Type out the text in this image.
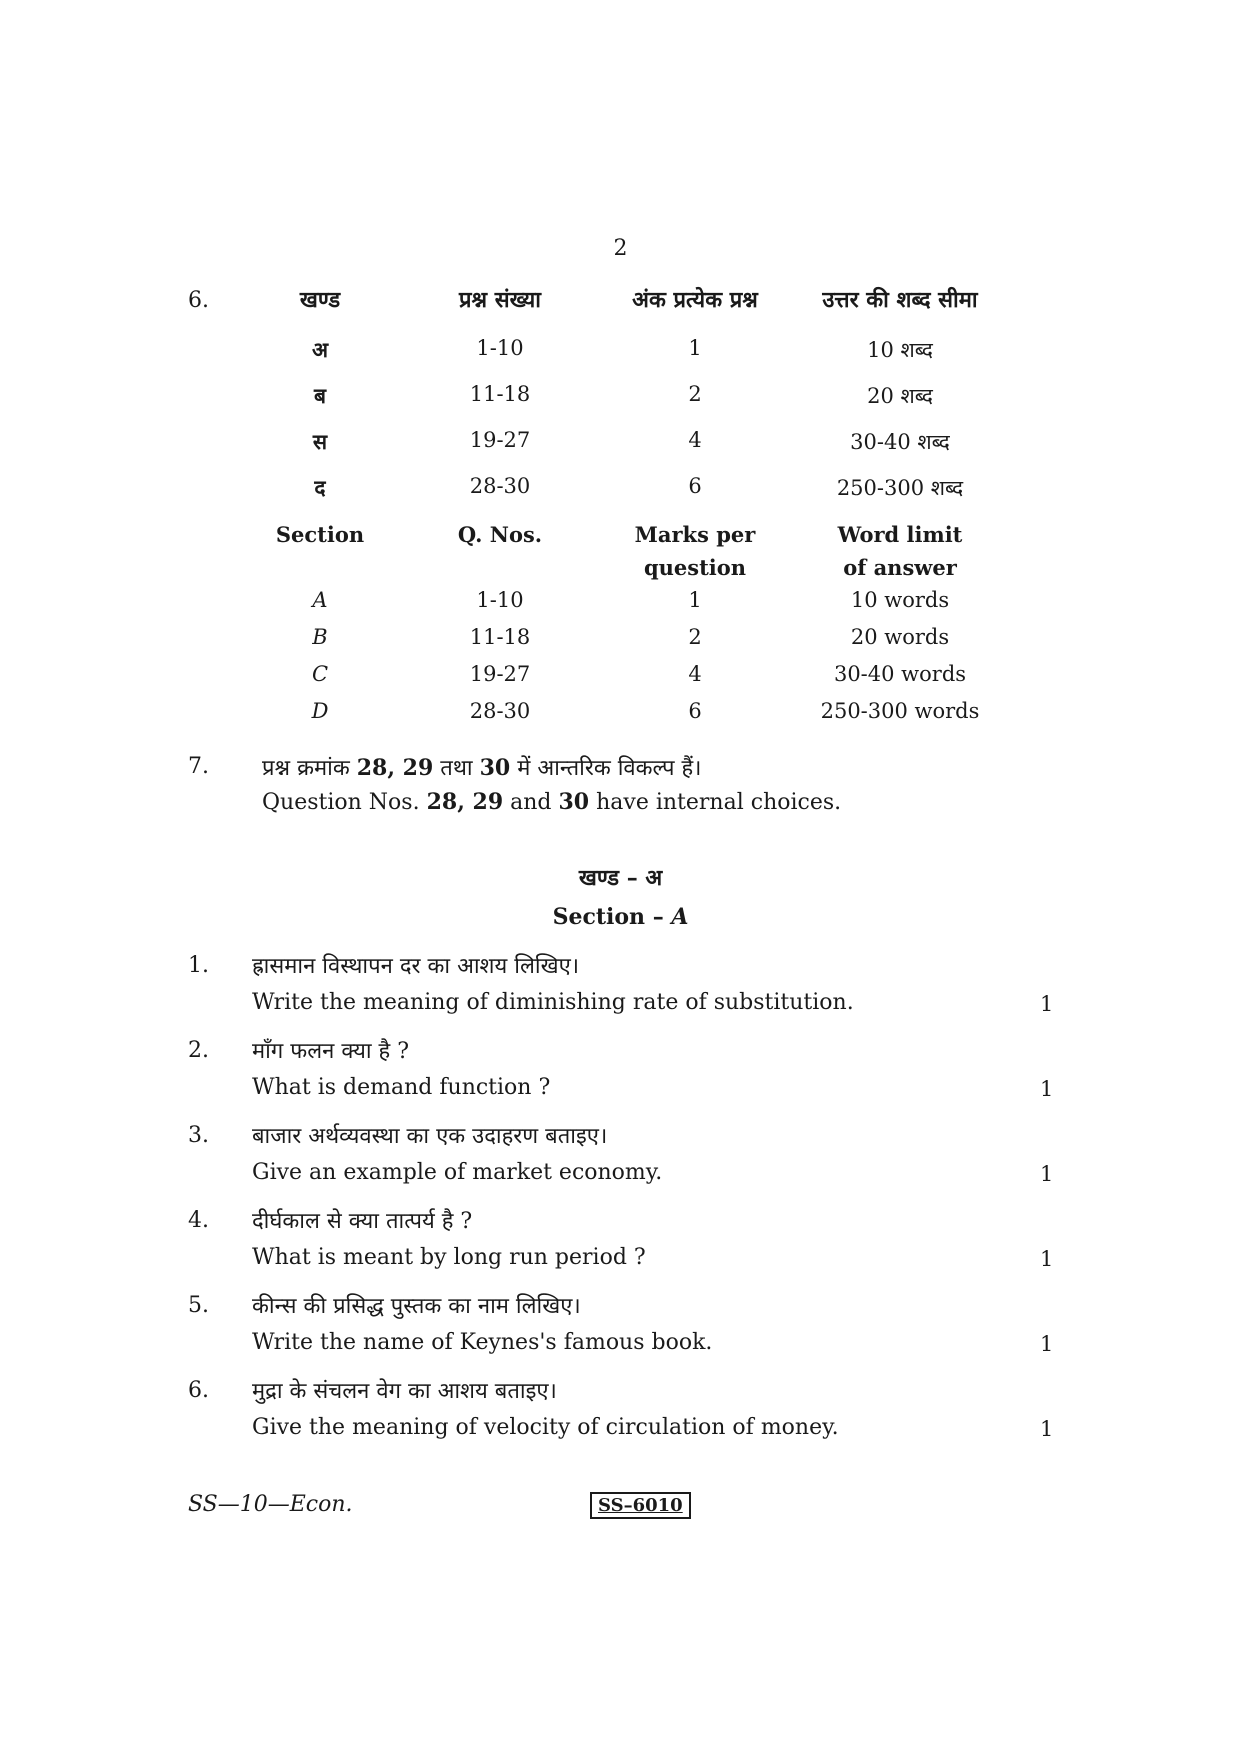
2
6.	खण्ड	प्रश्न संख्या	अंक प्रत्येक प्रश्न	उत्तर की शब्द सीमा
अ	1-10	1	10 शब्द
ब	11-18	2	20 शब्द
स	19-27	4	30-40 शब्द
द	28-30	6	250-300 शब्द
Section	Q. Nos.	Marks per question	Word limit of answer
A	1-10	1	10 words
B	11-18	2	20 words
C	19-27	4	30-40 words
D	28-30	6	250-300 words
7. प्रश्न क्रमांक 28, 29 तथा 30 में आन्तरिक विकल्प हैं।
Question Nos. 28, 29 and 30 have internal choices.
खण्ड – अ
Section – A
1. ह्रासमान विस्थापन दर का आशय लिखिए।
Write the meaning of diminishing rate of substitution.	1
2. माँग फलन क्या है ?
What is demand function ?	1
3. बाजार अर्थव्यवस्था का एक उदाहरण बताइए।
Give an example of market economy.	1
4. दीर्घकाल से क्या तात्पर्य है ?
What is meant by long run period ?	1
5. कीन्स की प्रसिद्ध पुस्तक का नाम लिखिए।
Write the name of Keynes's famous book.	1
6. मुद्रा के संचलन वेग का आशय बताइए।
Give the meaning of velocity of circulation of money.	1
SS—10—Econ.	SS–6010
